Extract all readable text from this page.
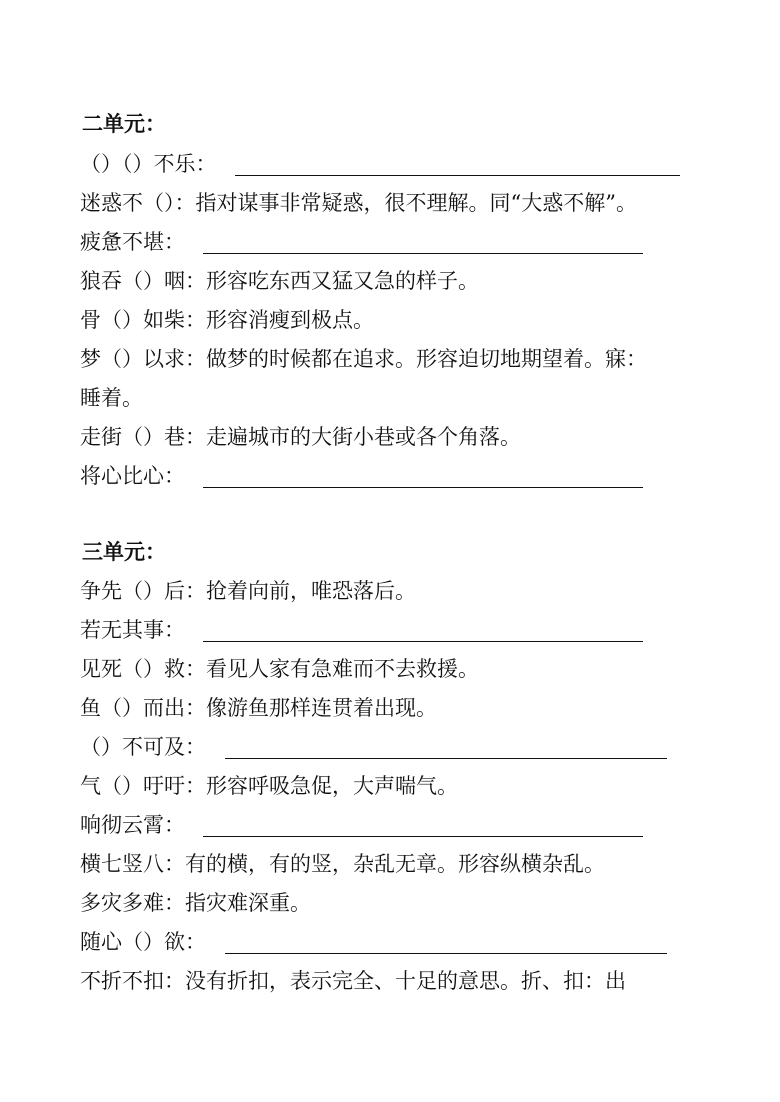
二单元：
（）（）不乐：
迷惑不（）：指对谋事非常疑惑，很不理解。同“大惑不解”。
疲惫不堪：
狼吞（）咽：形容吃东西又猛又急的样子。
骨（）如柴：形容消瘦到极点。
梦（）以求：做梦的时候都在追求。形容迫切地期望着。寐：
睡着。
走街（）巷：走遍城市的大街小巷或各个角落。
将心比心：
三单元：
争先（）后：抢着向前，唯恐落后。
若无其事：
见死（）救：看见人家有急难而不去救援。
鱼（）而出：像游鱼那样连贯着出现。
（）不可及：
气（）吁吁：形容呼吸急促，大声喘气。
响彻云霄：
横七竖八：有的横，有的竖，杂乱无章。形容纵横杂乱。
多灾多难：指灾难深重。
随心（）欲：
不折不扣：没有折扣，表示完全、十足的意思。折、扣：出
